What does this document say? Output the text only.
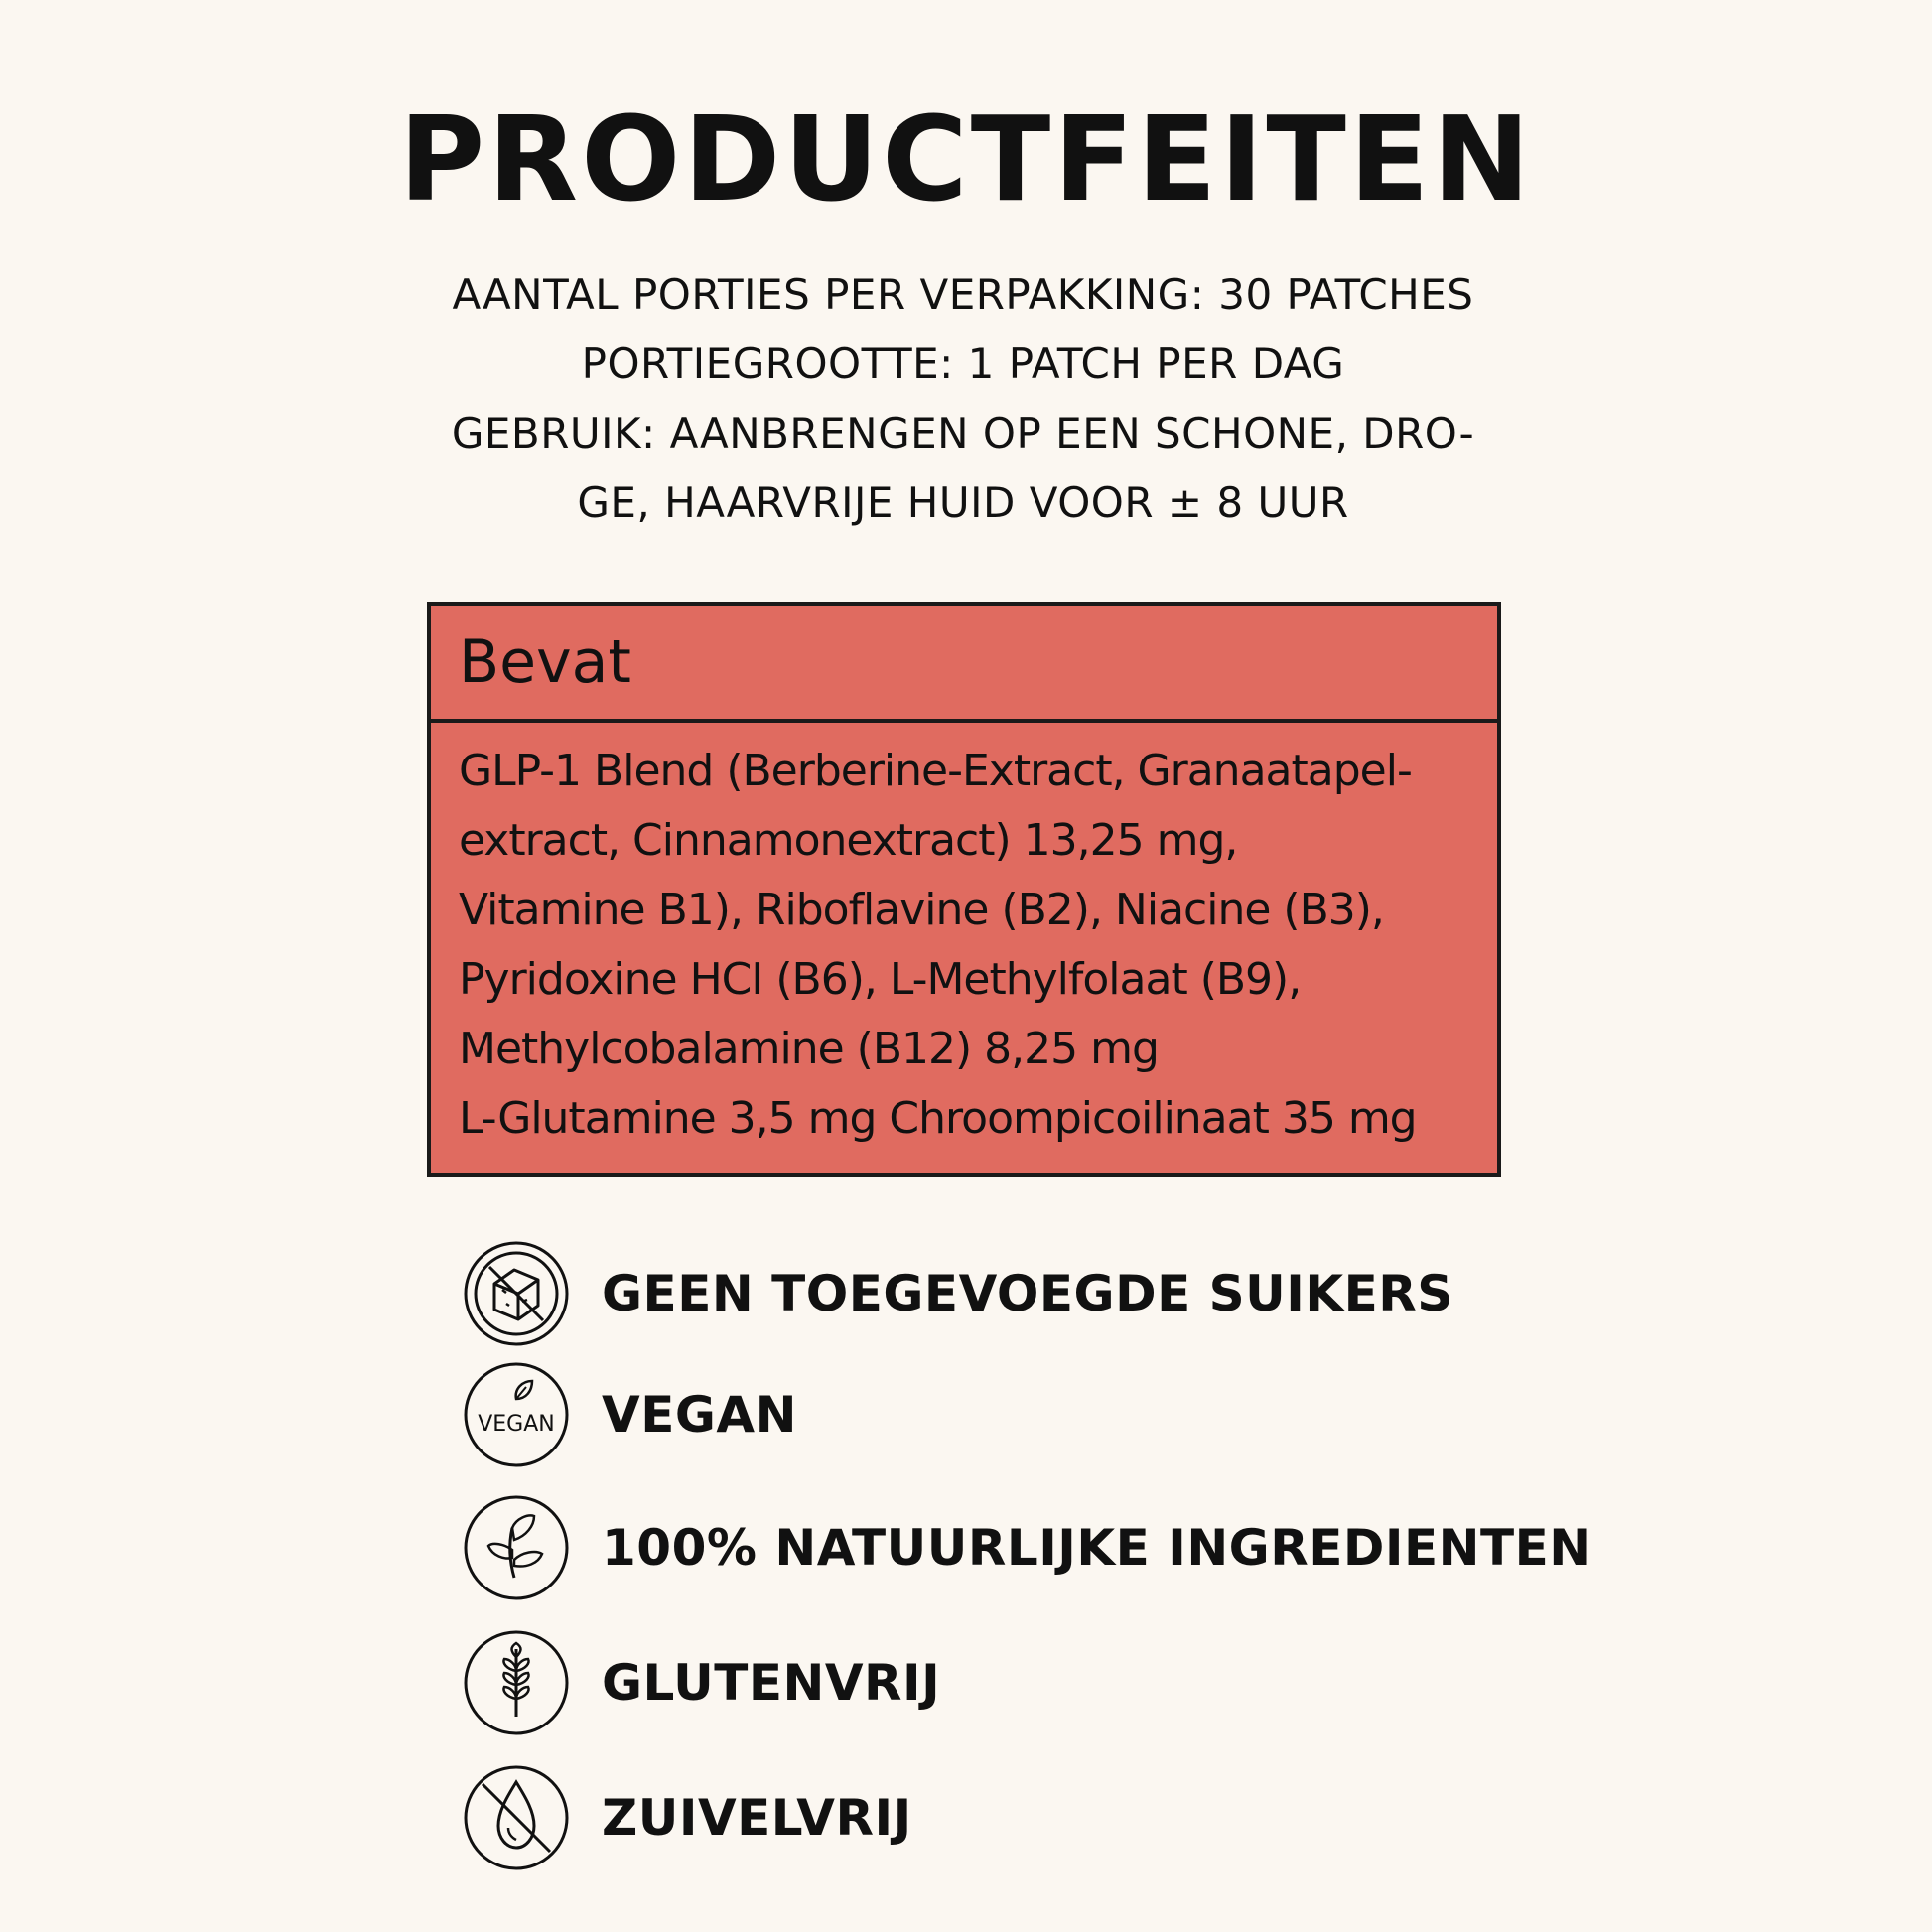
PRODUCTFEITEN
AANTAL PORTIES PER VERPAKKING: 30 PATCHES
PORTIEGROOTTE: 1 PATCH PER DAG
GEBRUIK: AANBRENGEN OP EEN SCHONE, DRO-
GE, HAARVRIJE HUID VOOR ± 8 UUR
Bevat
GLP-1 Blend (Berberine-Extract, Granaatapel-
extract, Cinnamonextract) 13,25 mg,
Vitamine B1), Riboflavine (B2), Niacine (B3),
Pyridoxine HCI (B6), L-Methylfolaat (B9),
Methylcobalamine (B12) 8,25 mg
L-Glutamine 3,5 mg Chroompicoilinaat 35 mg
GEEN TOEGEVOEGDE SUIKERS
VEGAN VEGAN
100% NATUURLIJKE INGREDIENTEN
GLUTENVRIJ
ZUIVELVRIJ
